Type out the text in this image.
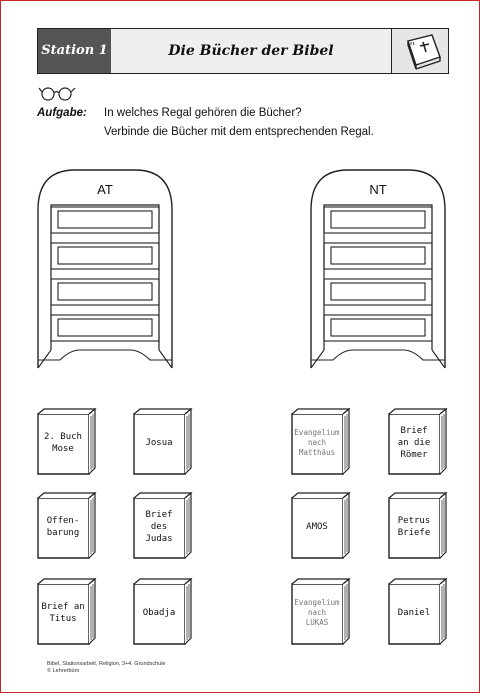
Station 1	Die Bücher der Bibel
Aufgabe: In welches Regal gehören die Bücher?
Verbinde die Bücher mit dem entsprechenden Regal.
AT	NT
2. Buch
Mose
Josua
Evangelium
nach
Matthäus
Brief
an die
Römer
Offen-
barung
Brief des
Judas
AMOS
Petrus
Briefe
Brief an
Titus
Obadja
Evangelium
nach
LUKAS
Daniel
Bibel, Stationsarbeit, Religion, 3+4. Grundschule
© Lehrerbüro
